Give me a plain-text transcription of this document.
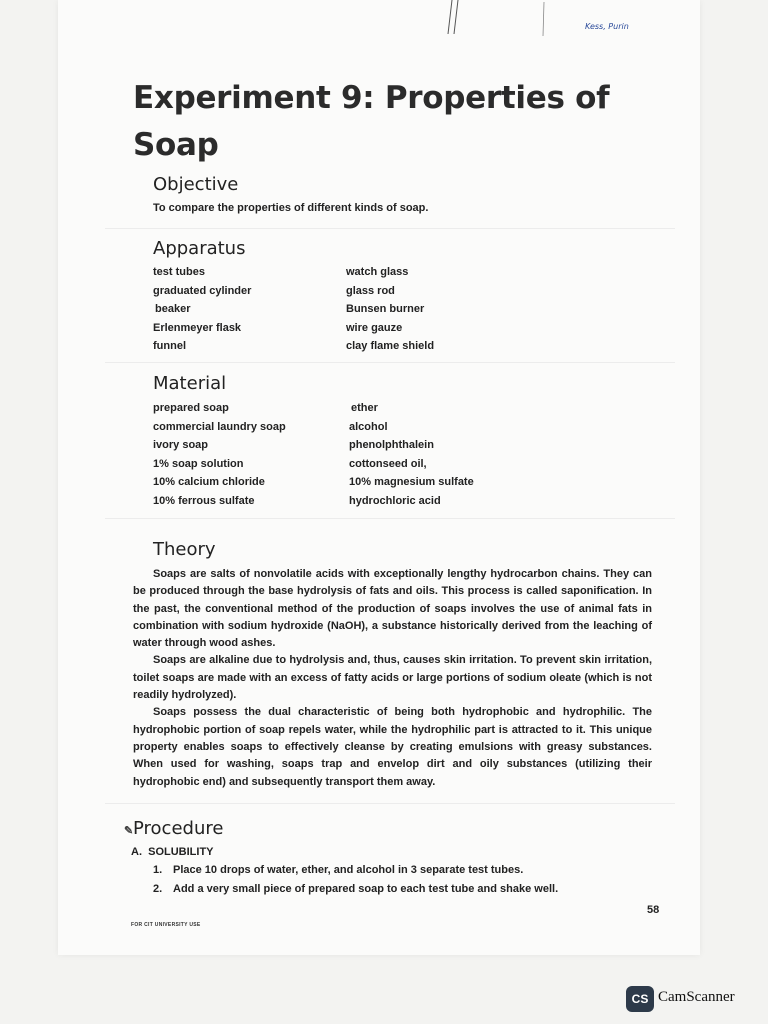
Kess, Purin
Experiment 9: Properties of Soap
Objective
To compare the properties of different kinds of soap.
Apparatus
test tubes
graduated cylinder
beaker
Erlenmeyer flask
funnel
watch glass
glass rod
Bunsen burner
wire gauze
clay flame shield
Material
prepared soap
commercial laundry soap
ivory soap
1% soap solution
10% calcium chloride
10% ferrous sulfate
ether
alcohol
phenolphthalein
cottonseed oil,
10% magnesium sulfate
hydrochloric acid
Theory

Soaps are salts of nonvolatile acids with exceptionally lengthy hydrocarbon chains. They can be produced through the base hydrolysis of fats and oils. This process is called saponification. In the past, the conventional method of the production of soaps involves the use of animal fats in combination with sodium hydroxide (NaOH), a substance historically derived from the leaching of water through wood ashes.

Soaps are alkaline due to hydrolysis and, thus, causes skin irritation. To prevent skin irritation, toilet soaps are made with an excess of fatty acids or large portions of sodium oleate (which is not readily hydrolyzed).

Soaps possess the dual characteristic of being both hydrophobic and hydrophilic. The hydrophobic portion of soap repels water, while the hydrophilic part is attracted to it. This unique property enables soaps to effectively cleanse by creating emulsions with greasy substances. When used for washing, soaps trap and envelop dirt and oily substances (utilizing their hydrophobic end) and subsequently transport them away.

✎ Procedure
A. SOLUBILITY
1. Place 10 drops of water, ether, and alcohol in 3 separate test tubes.
2. Add a very small piece of prepared soap to each test tube and shake well.
58
FOR CIT UNIVERSITY USE
CS CamScanner
